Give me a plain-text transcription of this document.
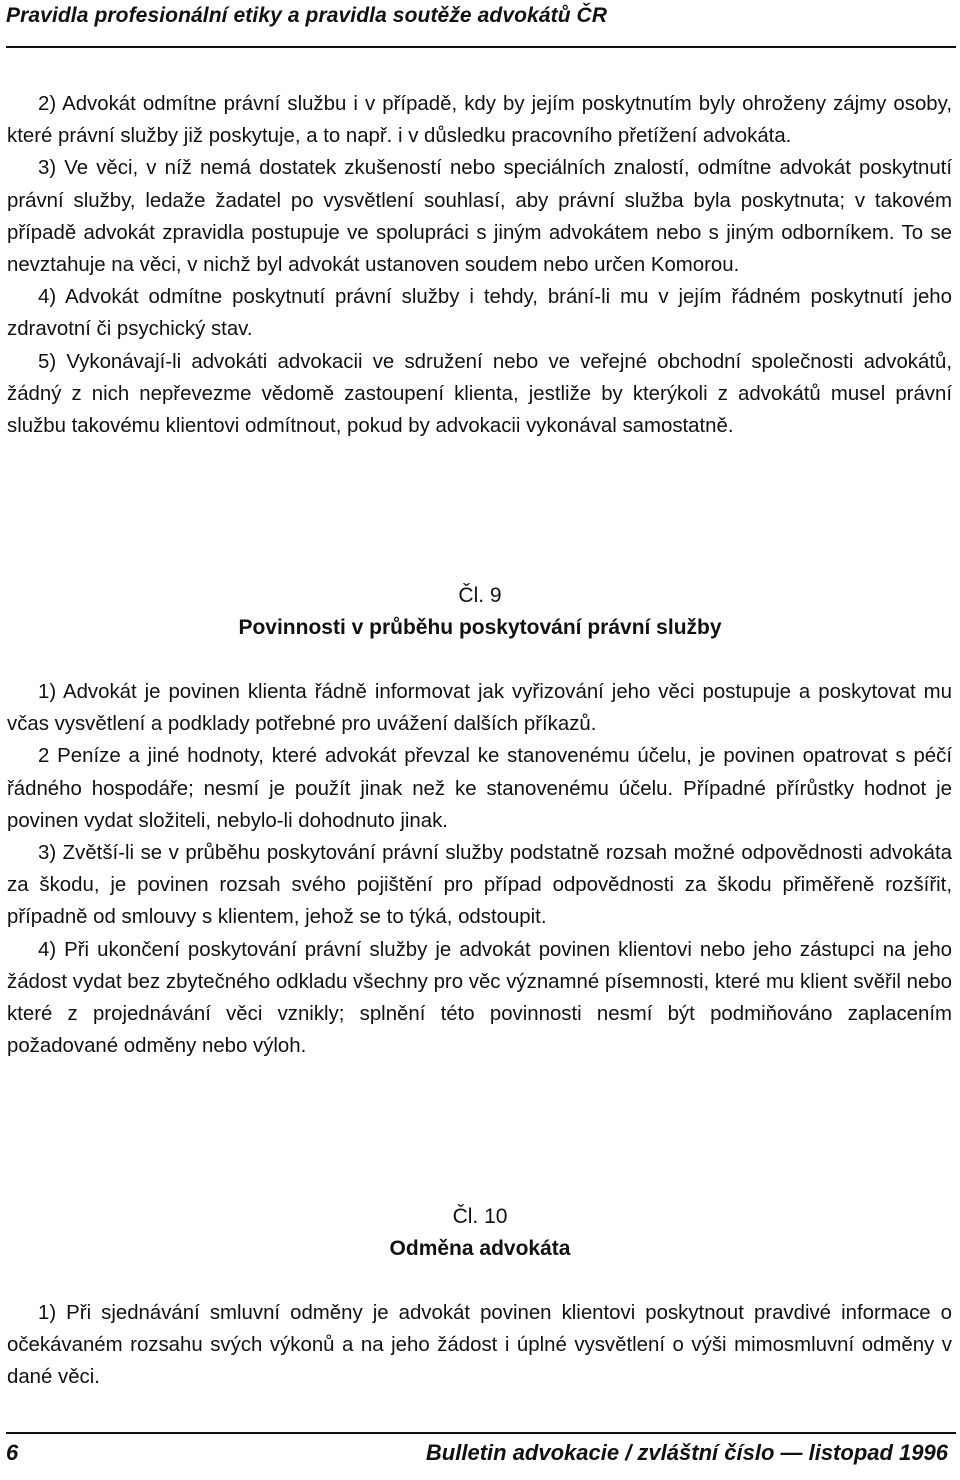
Pravidla profesionální etiky a pravidla soutěže advokátů ČR

2) Advokát odmítne právní službu i v případě, kdy by jejím poskytnutím byly ohroženy zájmy osoby, které právní služby již poskytuje, a to např. i v důsledku pracovního přetížení advokáta.

3) Ve věci, v níž nemá dostatek zkušeností nebo speciálních znalostí, odmítne advokát poskytnutí právní služby, ledaže žadatel po vysvětlení souhlasí, aby právní služba byla poskytnuta; v takovém případě advokát zpravidla postupuje ve spolupráci s jiným advokátem nebo s jiným odborníkem. To se nevztahuje na věci, v nichž byl advokát ustanoven soudem nebo určen Komorou.

4) Advokát odmítne poskytnutí právní služby i tehdy, brání-li mu v jejím řádném poskytnutí jeho zdravotní či psychický stav.

5) Vykonávají-li advokáti advokacii ve sdružení nebo ve veřejné obchodní společnosti advokátů, žádný z nich nepřevezme vědomě zastoupení klienta, jestliže by kterýkoli z advokátů musel právní službu takovému klientovi odmítnout, pokud by advokacii vykonával samostatně.

Čl. 9
Povinnosti v průběhu poskytování právní služby

1) Advokát je povinen klienta řádně informovat jak vyřizování jeho věci postupuje a poskytovat mu včas vysvětlení a podklady potřebné pro uvážení dalších příkazů.

2 Peníze a jiné hodnoty, které advokát převzal ke stanovenému účelu, je povinen opatrovat s péčí řádného hospodáře; nesmí je použít jinak než ke stanovenému účelu. Případné přírůstky hodnot je povinen vydat složiteli, nebylo-li dohodnuto jinak.

3) Zvětší-li se v průběhu poskytování právní služby podstatně rozsah možné odpovědnosti advokáta za škodu, je povinen rozsah svého pojištění pro případ odpovědnosti za škodu přiměřeně rozšířit, případně od smlouvy s klientem, jehož se to týká, odstoupit.

4) Při ukončení poskytování právní služby je advokát povinen klientovi nebo jeho zástupci na jeho žádost vydat bez zbytečného odkladu všechny pro věc významné písemnosti, které mu klient svěřil nebo které z projednávání věci vznikly; splnění této povinnosti nesmí být podmiňováno zaplacením požadované odměny nebo výloh.

Čl. 10
Odměna advokáta

1) Při sjednávání smluvní odměny je advokát povinen klientovi poskytnout pravdivé informace o očekávaném rozsahu svých výkonů a na jeho žádost i úplné vysvětlení o výši mimosmluvní odměny v dané věci.

6	Bulletin advokacie / zvláštní číslo — listopad 1996
